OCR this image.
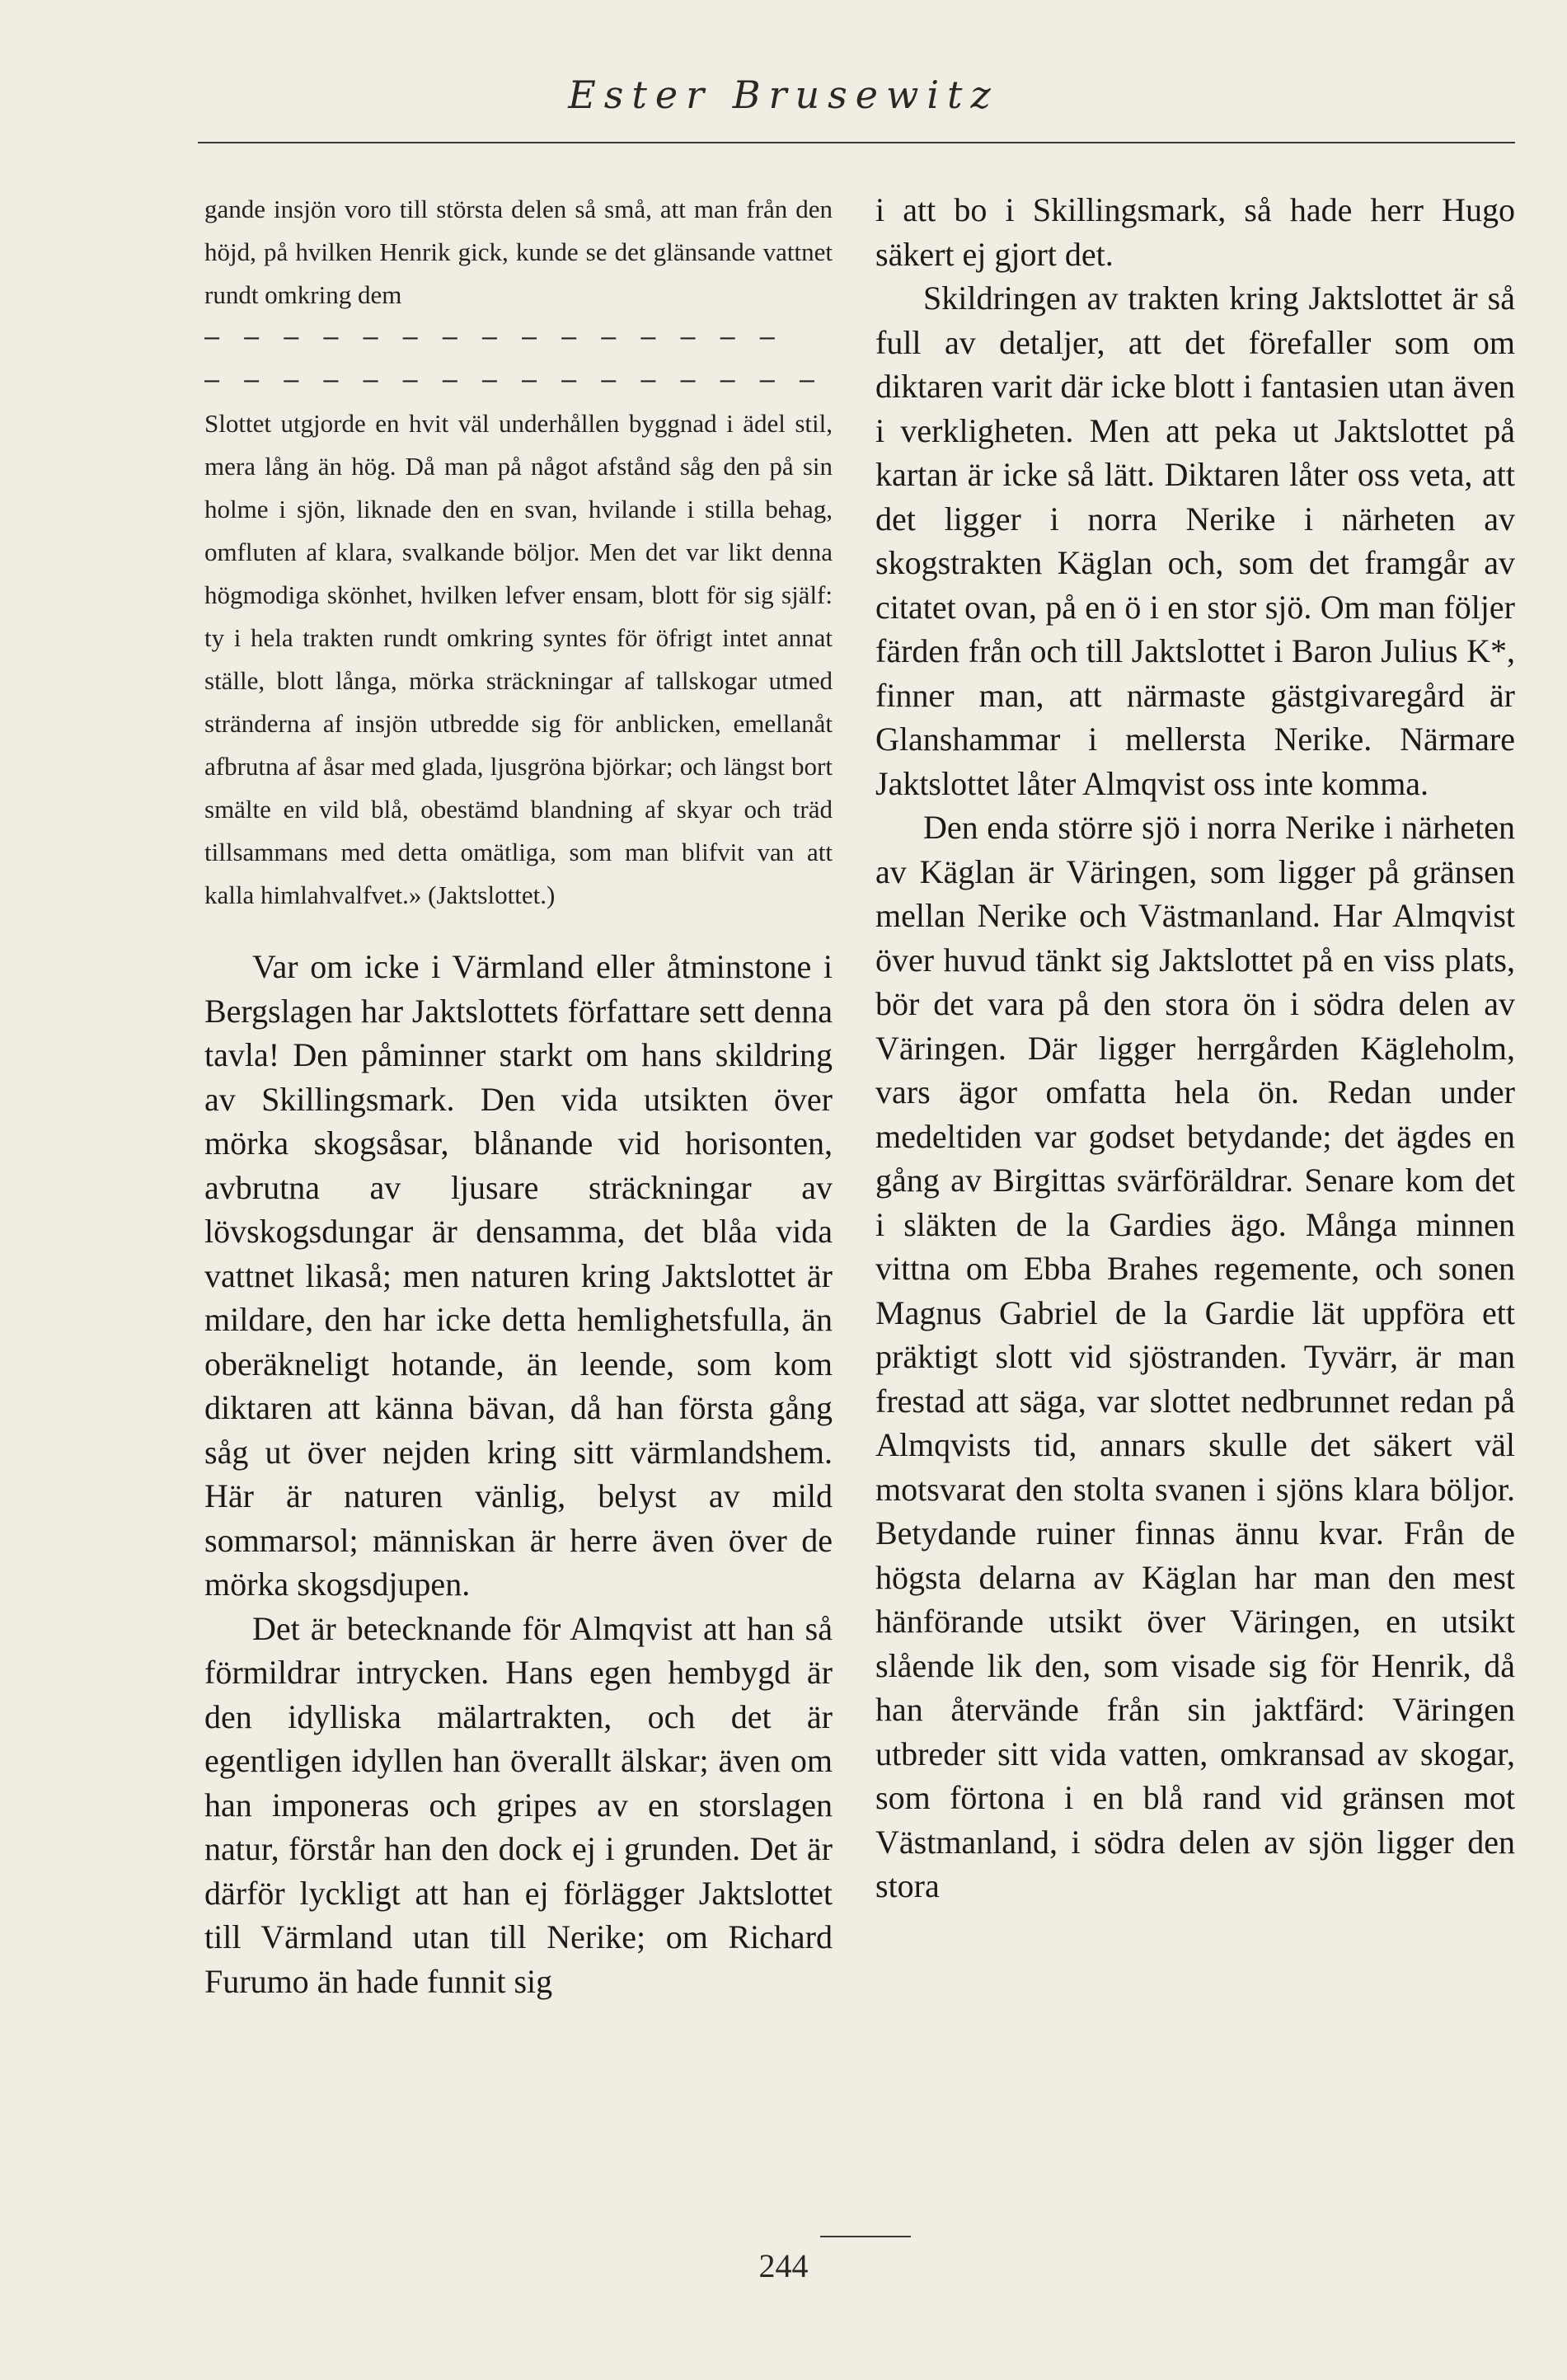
Ester Brusewitz

gande insjön voro till största delen så små, att man från den höjd, på hvilken Henrik gick, kunde se det glänsande vattnet rundt omkring dem

— — — — — — — — — — — — — — —
— — — — — — — — — — — — — — — —

Slottet utgjorde en hvit väl underhållen byggnad i ädel stil, mera lång än hög. Då man på något afstånd såg den på sin holme i sjön, liknade den en svan, hvilande i stilla behag, omfluten af klara, svalkande böljor. Men det var likt denna högmodiga skönhet, hvilken lefver ensam, blott för sig själf: ty i hela trakten rundt omkring syntes för öfrigt intet annat ställe, blott långa, mörka sträckningar af tallskogar utmed stränderna af insjön utbredde sig för anblicken, emellanåt afbrutna af åsar med glada, ljusgröna björkar; och längst bort smälte en vild blå, obestämd blandning af skyar och träd tillsammans med detta omätliga, som man blifvit van att kalla himlahvalfvet.» (Jaktslottet.)

Var om icke i Värmland eller åtminstone i Bergslagen har Jaktslottets författare sett denna tavla! Den påminner starkt om hans skildring av Skillingsmark. Den vida utsikten över mörka skogsåsar, blånande vid horisonten, avbrutna av ljusare sträckningar av lövskogsdungar är densamma, det blåa vida vattnet likaså; men naturen kring Jaktslottet är mildare, den har icke detta hemlighetsfulla, än oberäkneligt hotande, än leende, som kom diktaren att känna bävan, då han första gång såg ut över nejden kring sitt värmlandshem. Här är naturen vänlig, belyst av mild sommarsol; människan är herre även över de mörka skogsdjupen.

Det är betecknande för Almqvist att han så förmildrar intrycken. Hans egen hembygd är den idylliska mälartrakten, och det är egentligen idyllen han överallt älskar; även om han imponeras och gripes av en storslagen natur, förstår han den dock ej i grunden. Det är därför lyckligt att han ej förlägger Jaktslottet till Värmland utan till Nerike; om Richard Furumo än hade funnit sig

i att bo i Skillingsmark, så hade herr Hugo säkert ej gjort det.

Skildringen av trakten kring Jaktslottet är så full av detaljer, att det förefaller som om diktaren varit där icke blott i fantasien utan även i verkligheten. Men att peka ut Jaktslottet på kartan är icke så lätt. Diktaren låter oss veta, att det ligger i norra Nerike i närheten av skogstrakten Käglan och, som det framgår av citatet ovan, på en ö i en stor sjö. Om man följer färden från och till Jaktslottet i Baron Julius K*, finner man, att närmaste gästgivaregård är Glanshammar i mellersta Nerike. Närmare Jaktslottet låter Almqvist oss inte komma.

Den enda större sjö i norra Nerike i närheten av Käglan är Väringen, som ligger på gränsen mellan Nerike och Västmanland. Har Almqvist över huvud tänkt sig Jaktslottet på en viss plats, bör det vara på den stora ön i södra delen av Väringen. Där ligger herrgården Kägleholm, vars ägor omfatta hela ön. Redan under medeltiden var godset betydande; det ägdes en gång av Birgittas svärföräldrar. Senare kom det i släkten de la Gardies ägo. Många minnen vittna om Ebba Brahes regemente, och sonen Magnus Gabriel de la Gardie lät uppföra ett präktigt slott vid sjöstranden. Tyvärr, är man frestad att säga, var slottet nedbrunnet redan på Almqvists tid, annars skulle det säkert väl motsvarat den stolta svanen i sjöns klara böljor. Betydande ruiner finnas ännu kvar. Från de högsta delarna av Käglan har man den mest hänförande utsikt över Väringen, en utsikt slående lik den, som visade sig för Henrik, då han återvände från sin jaktfärd: Väringen utbreder sitt vida vatten, omkransad av skogar, som förtona i en blå rand vid gränsen mot Västmanland, i södra delen av sjön ligger den stora

244
